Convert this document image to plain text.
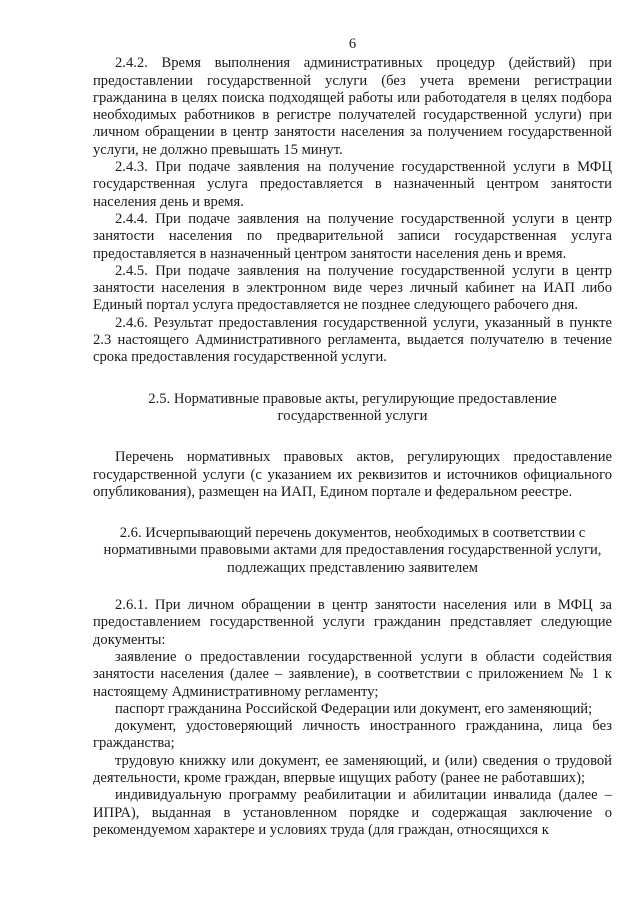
6

2.4.2. Время выполнения административных процедур (действий) при предоставлении государственной услуги (без учета времени регистрации гражданина в целях поиска подходящей работы или работодателя в целях подбора необходимых работников в регистре получателей государственной услуги) при личном обращении в центр занятости населения за получением государственной услуги, не должно превышать 15 минут.

2.4.3. При подаче заявления на получение государственной услуги в МФЦ государственная услуга предоставляется в назначенный центром занятости населения день и время.

2.4.4. При подаче заявления на получение государственной услуги в центр занятости населения по предварительной записи государственная услуга предоставляется в назначенный центром занятости населения день и время.

2.4.5. При подаче заявления на получение государственной услуги в центр занятости населения в электронном виде через личный кабинет на ИАП либо Единый портал услуга предоставляется не позднее следующего рабочего дня.

2.4.6. Результат предоставления государственной услуги, указанный в пункте 2.3 настоящего Административного регламента, выдается получателю в течение срока предоставления государственной услуги.

2.5. Нормативные правовые акты, регулирующие предоставление
государственной услуги

Перечень нормативных правовых актов, регулирующих предоставление государственной услуги (с указанием их реквизитов и источников официального опубликования), размещен на ИАП, Едином портале и федеральном реестре.

2.6. Исчерпывающий перечень документов, необходимых в соответствии с
нормативными правовыми актами для предоставления государственной услуги,
подлежащих представлению заявителем

2.6.1. При личном обращении в центр занятости населения или в МФЦ за предоставлением государственной услуги гражданин представляет следующие документы:

заявление о предоставлении государственной услуги в области содействия занятости населения (далее – заявление), в соответствии с приложением № 1 к настоящему Административному регламенту;

паспорт гражданина Российской Федерации или документ, его заменяющий;

документ, удостоверяющий личность иностранного гражданина, лица без гражданства;

трудовую книжку или документ, ее заменяющий, и (или) сведения о трудовой деятельности, кроме граждан, впервые ищущих работу (ранее не работавших);

индивидуальную программу реабилитации и абилитации инвалида (далее – ИПРА), выданная в установленном порядке и содержащая заключение о рекомендуемом характере и условиях труда (для граждан, относящихся к
